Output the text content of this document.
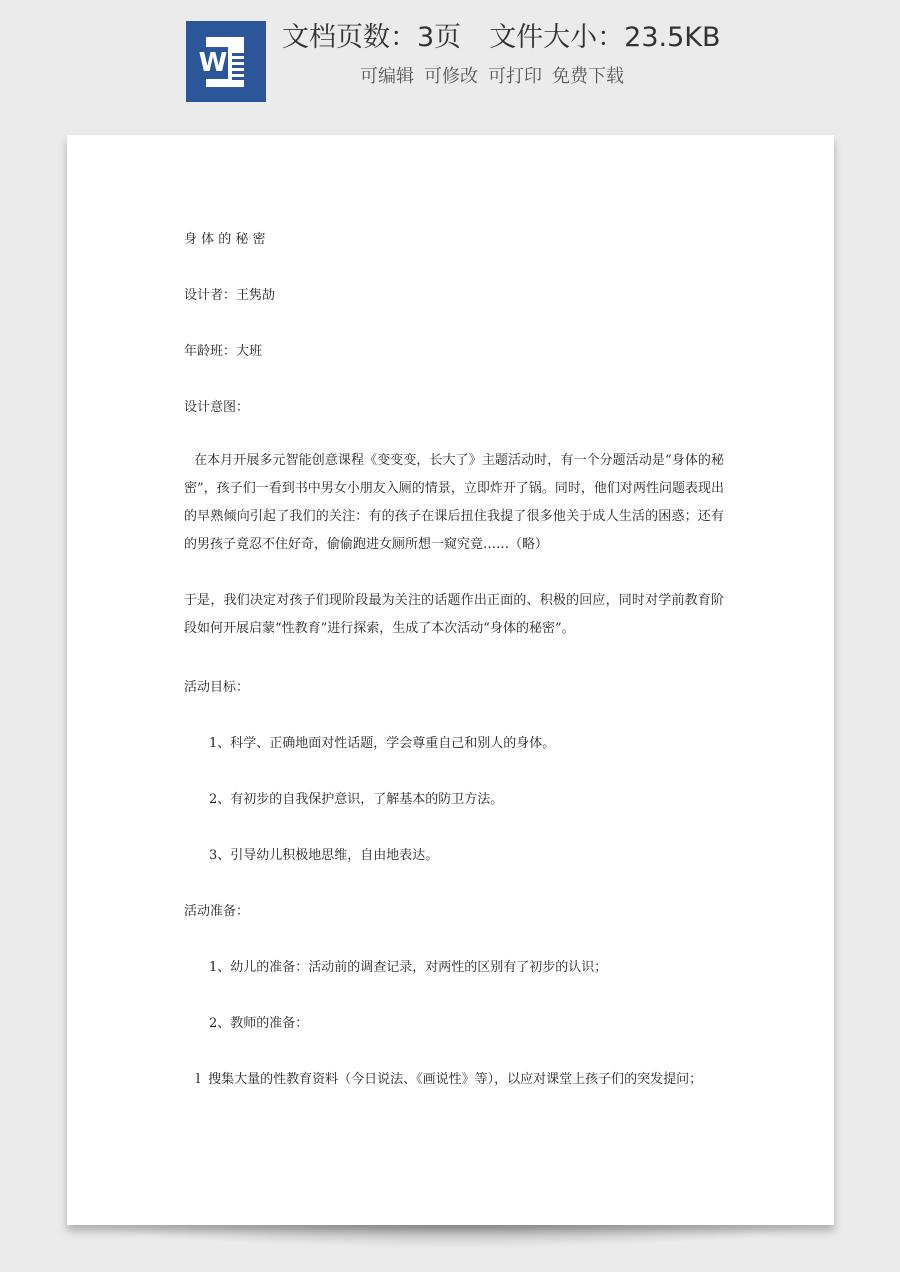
W
文档页数：3页 文件大小：23.5KB
可编辑 可修改 可打印 免费下载
身 体 的 秘 密
设计者：王隽劼
年龄班：大班
设计意图：
在本月开展多元智能创意课程《变变变，长大了》主题活动时，有一个分题活动是“身体的秘密”，孩子们一看到书中男女小朋友入厕的情景，立即炸开了锅。同时，他们对两性问题表现出的早熟倾向引起了我们的关注：有的孩子在课后扭住我提了很多他关于成人生活的困惑；还有的男孩子竟忍不住好奇，偷偷跑进女厕所想一窥究竟……（略）
于是，我们决定对孩子们现阶段最为关注的话题作出正面的、积极的回应，同时对学前教育阶段如何开展启蒙“性教育”进行探索，生成了本次活动“身体的秘密”。
活动目标：
1、科学、正确地面对性话题，学会尊重自己和别人的身体。
2、有初步的自我保护意识，了解基本的防卫方法。
3、引导幼儿积极地思维，自由地表达。
活动准备：
1、幼儿的准备：活动前的调查记录，对两性的区别有了初步的认识；
2、教师的准备：
l 搜集大量的性教育资料（今日说法、《画说性》等），以应对课堂上孩子们的突发提问；
